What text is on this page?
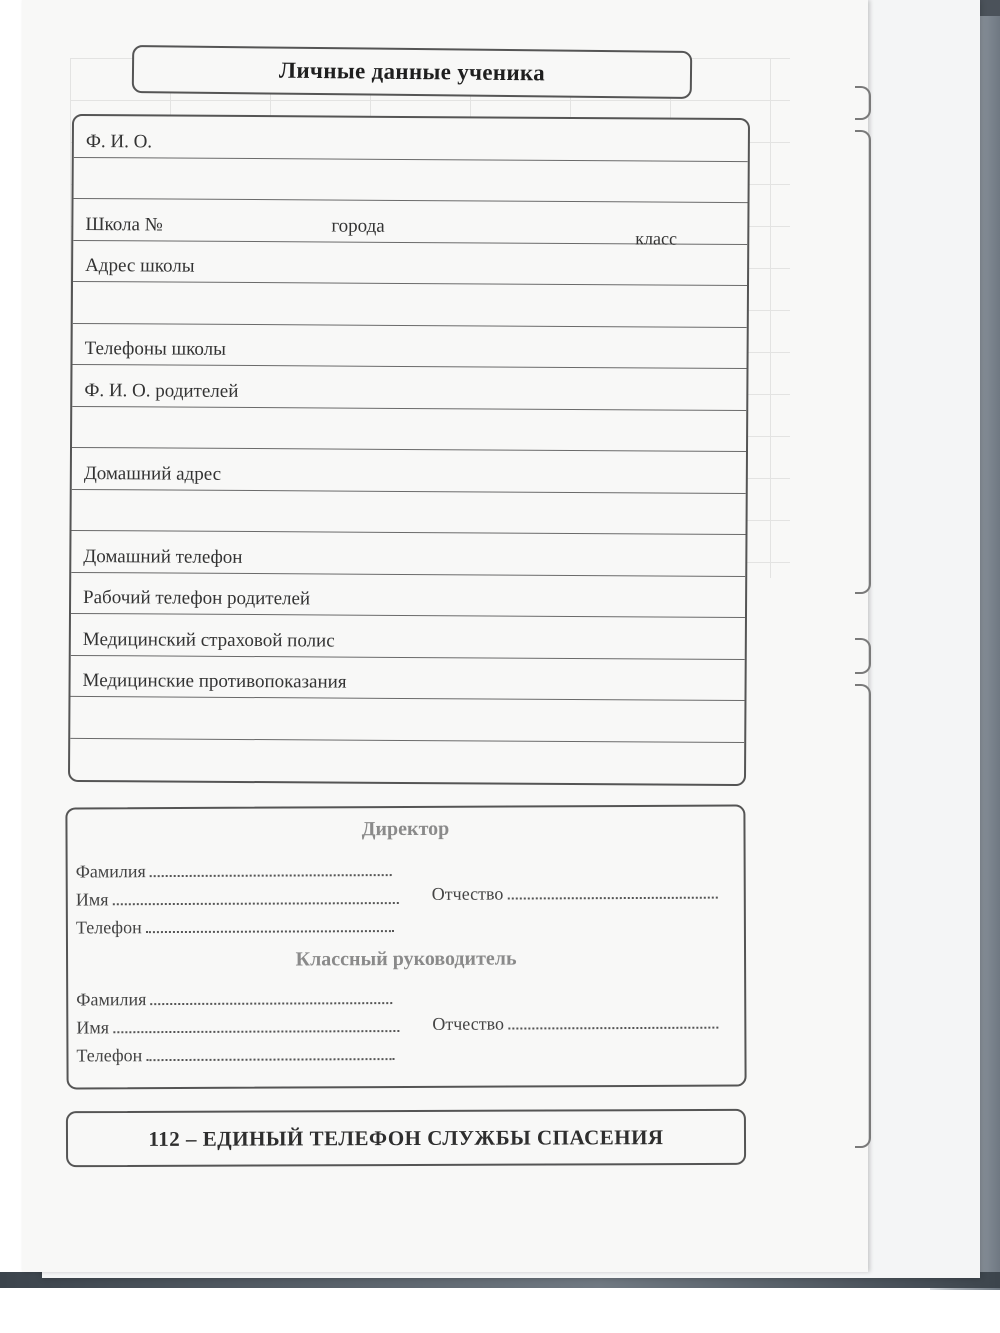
Личные данные ученика
Ф. И. О.
Школа №	города
класс
Адрес школы
Телефоны школы
Ф. И. О. родителей
Домашний адрес
Домашний телефон
Рабочий телефон родителей
Медицинский страховой полис
Медицинские противопоказания
Директор
Фамилия
Имя	Отчество
Телефон
Классный руководитель
Фамилия
Имя	Отчество
Телефон
112 – ЕДИНЫЙ ТЕЛЕФОН СЛУЖБЫ СПАСЕНИЯ
